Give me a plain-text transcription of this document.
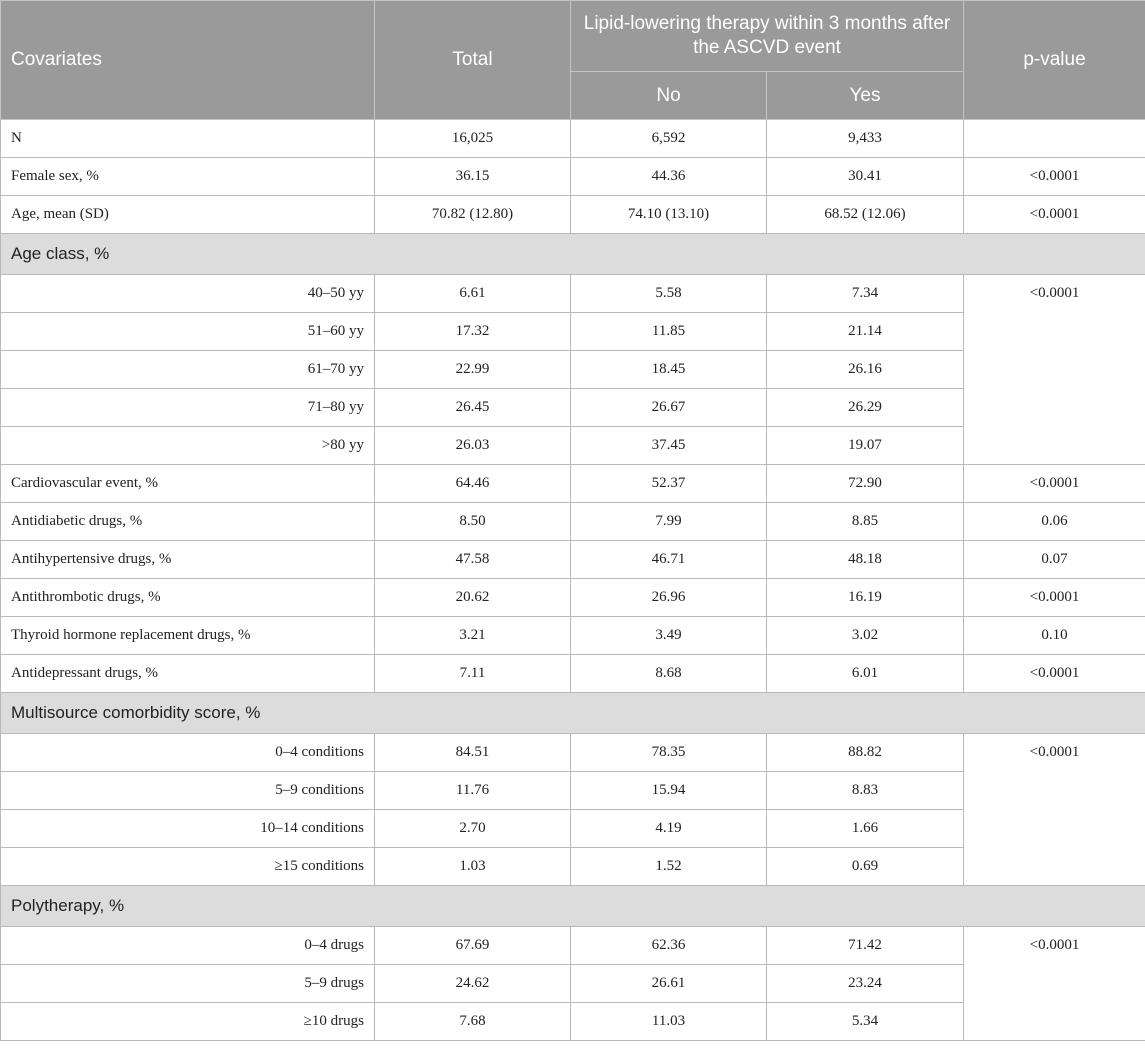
Covariates	Total	Lipid-lowering therapy within 3 months after the ASCVD event		p-value
		No	Yes	
N	16,025	6,592	9,433	
Female sex, %	36.15	44.36	30.41	<0.0001
Age, mean (SD)	70.82 (12.80)	74.10 (13.10)	68.52 (12.06)	<0.0001
Age class, %				
40–50 yy	6.61	5.58	7.34	<0.0001
51–60 yy	17.32	11.85	21.14	
61–70 yy	22.99	18.45	26.16	
71–80 yy	26.45	26.67	26.29	
>80 yy	26.03	37.45	19.07	
Cardiovascular event, %	64.46	52.37	72.90	<0.0001
Antidiabetic drugs, %	8.50	7.99	8.85	0.06
Antihypertensive drugs, %	47.58	46.71	48.18	0.07
Antithrombotic drugs, %	20.62	26.96	16.19	<0.0001
Thyroid hormone replacement drugs, %	3.21	3.49	3.02	0.10
Antidepressant drugs, %	7.11	8.68	6.01	<0.0001
Multisource comorbidity score, %				
0–4 conditions	84.51	78.35	88.82	<0.0001
5–9 conditions	11.76	15.94	8.83	
10–14 conditions	2.70	4.19	1.66	
≥15 conditions	1.03	1.52	0.69	
Polytherapy, %				
0–4 drugs	67.69	62.36	71.42	<0.0001
5–9 drugs	24.62	26.61	23.24	
≥10 drugs	7.68	11.03	5.34	
